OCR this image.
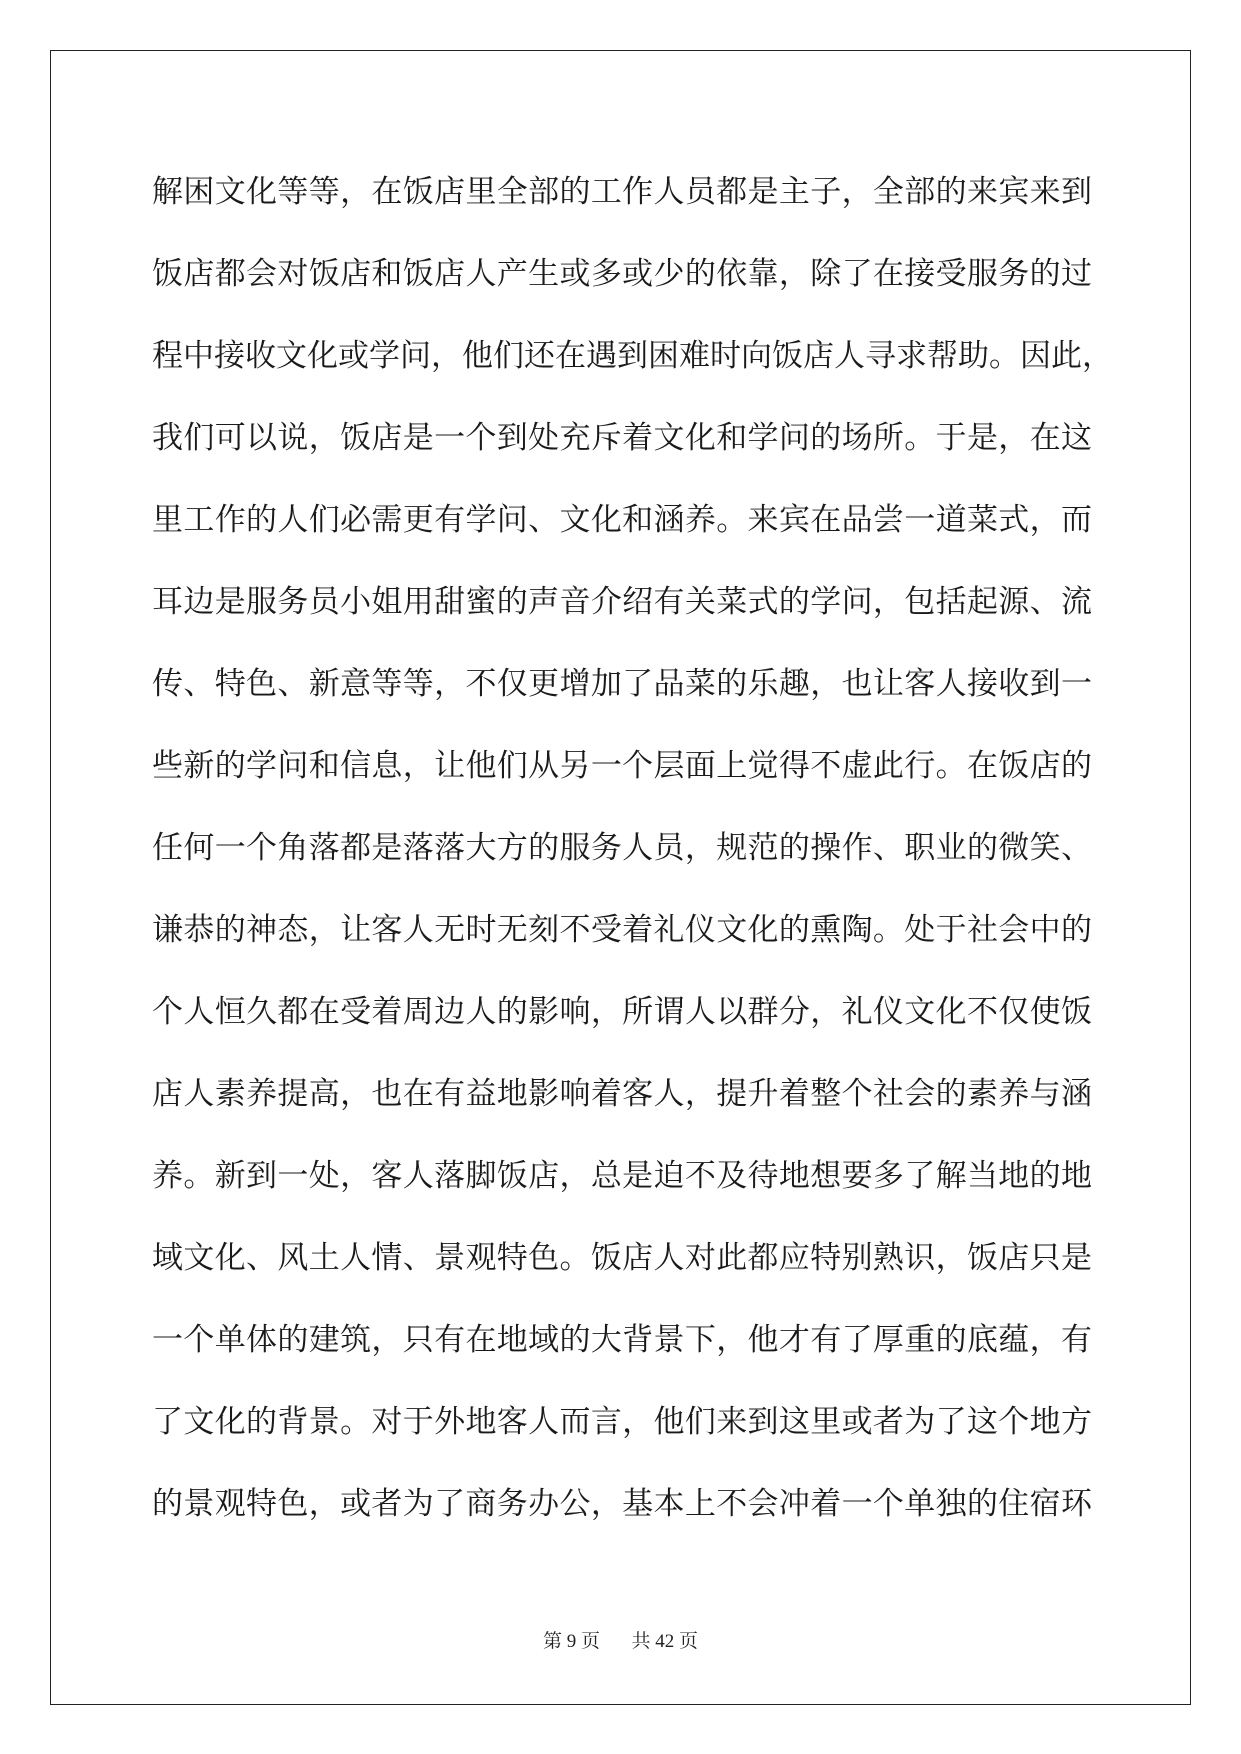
解困文化等等，在饭店里全部的工作人员都是主子，全部的来宾来到
饭店都会对饭店和饭店人产生或多或少的依靠，除了在接受服务的过
程中接收文化或学问，他们还在遇到困难时向饭店人寻求帮助。因此，
我们可以说，饭店是一个到处充斥着文化和学问的场所。于是，在这
里工作的人们必需更有学问、文化和涵养。来宾在品尝一道菜式，而
耳边是服务员小姐用甜蜜的声音介绍有关菜式的学问，包括起源、流
传、特色、新意等等，不仅更增加了品菜的乐趣，也让客人接收到一
些新的学问和信息，让他们从另一个层面上觉得不虚此行。在饭店的
任何一个角落都是落落大方的服务人员，规范的操作、职业的微笑、
谦恭的神态，让客人无时无刻不受着礼仪文化的熏陶。处于社会中的
个人恒久都在受着周边人的影响，所谓人以群分，礼仪文化不仅使饭
店人素养提高，也在有益地影响着客人，提升着整个社会的素养与涵
养。新到一处，客人落脚饭店，总是迫不及待地想要多了解当地的地
域文化、风土人情、景观特色。饭店人对此都应特别熟识，饭店只是
一个单体的建筑，只有在地域的大背景下，他才有了厚重的底蕴，有
了文化的背景。对于外地客人而言，他们来到这里或者为了这个地方
的景观特色，或者为了商务办公，基本上不会冲着一个单独的住宿环
第 9 页 共 42 页
